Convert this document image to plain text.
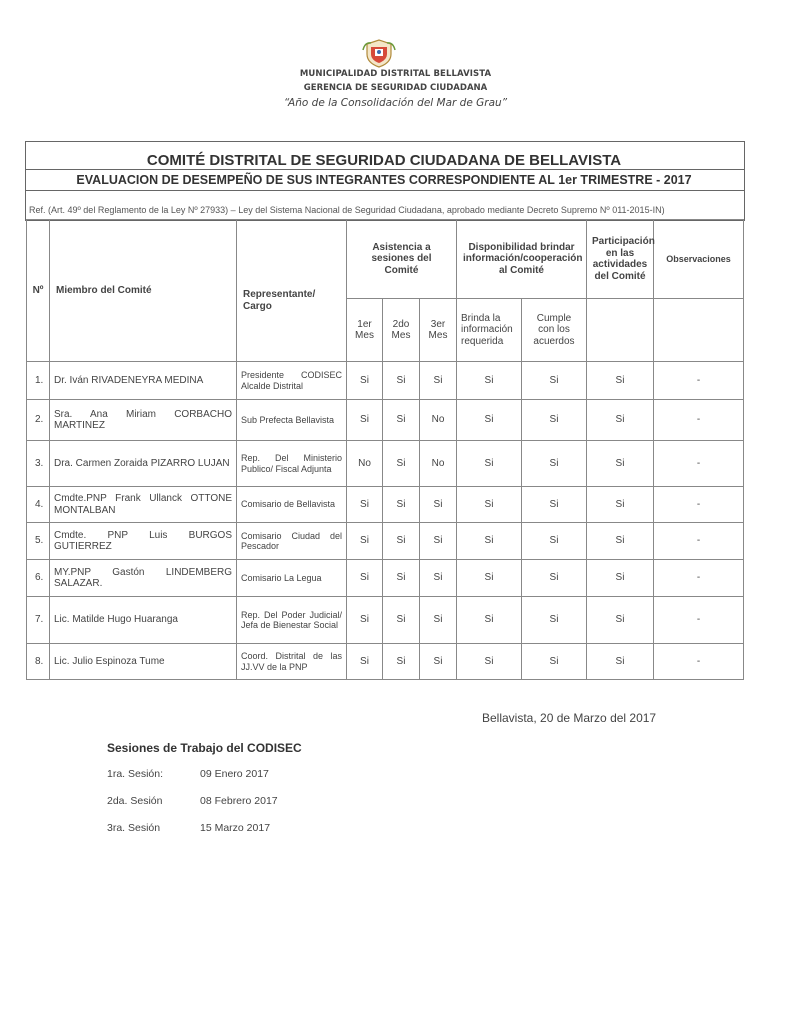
MUNICIPALIDAD DISTRITAL BELLAVISTA
GERENCIA DE SEGURIDAD CIUDADANA
“Año de la Consolidación del Mar de Grau”
COMITÉ DISTRITAL DE SEGURIDAD CIUDADANA DE BELLAVISTA
EVALUACION DE DESEMPEÑO DE SUS INTEGRANTES CORRESPONDIENTE AL 1er TRIMESTRE - 2017
Ref. (Art. 49º del Reglamento de la Ley Nº 27933) – Ley del Sistema Nacional de Seguridad Ciudadana, aprobado mediante Decreto Supremo Nº 011-2015-IN)
Nº	Miembro del Comité	Representante/ Cargo	Asistencia a sesiones del Comité			Disponibilidad brindar información/cooperación al Comité		Participación en las actividades del Comité	Observaciones
			1er Mes	2do Mes	3er Mes	Brinda la información requerida	Cumple con los acuerdos		
1.	Dr. Iván RIVADENEYRA MEDINA	Presidente CODISEC Alcalde Distrital	Si	Si	Si	Si	Si	Si	-
2.	Sra. Ana Miriam CORBACHO MARTINEZ	Sub Prefecta Bellavista	Si	Si	No	Si	Si	Si	-
3.	Dra. Carmen Zoraida PIZARRO LUJAN	Rep. Del Ministerio Publico/ Fiscal Adjunta	No	Si	No	Si	Si	Si	-
4.	Cmdte.PNP Frank Ullanck OTTONE MONTALBAN	Comisario de Bellavista	Si	Si	Si	Si	Si	Si	-
5.	Cmdte. PNP Luis BURGOS GUTIERREZ	Comisario Ciudad del Pescador	Si	Si	Si	Si	Si	Si	-
6.	MY.PNP Gastón LINDEMBERG SALAZAR.	Comisario La Legua	Si	Si	Si	Si	Si	Si	-
7.	Lic. Matilde Hugo Huaranga	Rep. Del Poder Judicial/ Jefa de Bienestar Social	Si	Si	Si	Si	Si	Si	-
8.	Lic. Julio Espinoza Tume	Coord. Distrital de las JJ.VV de la PNP	Si	Si	Si	Si	Si	Si	-
Bellavista, 20 de Marzo del 2017
Sesiones de Trabajo del CODISEC
1ra. Sesión:	09 Enero 2017
2da. Sesión	08 Febrero 2017
3ra. Sesión	15 Marzo 2017
